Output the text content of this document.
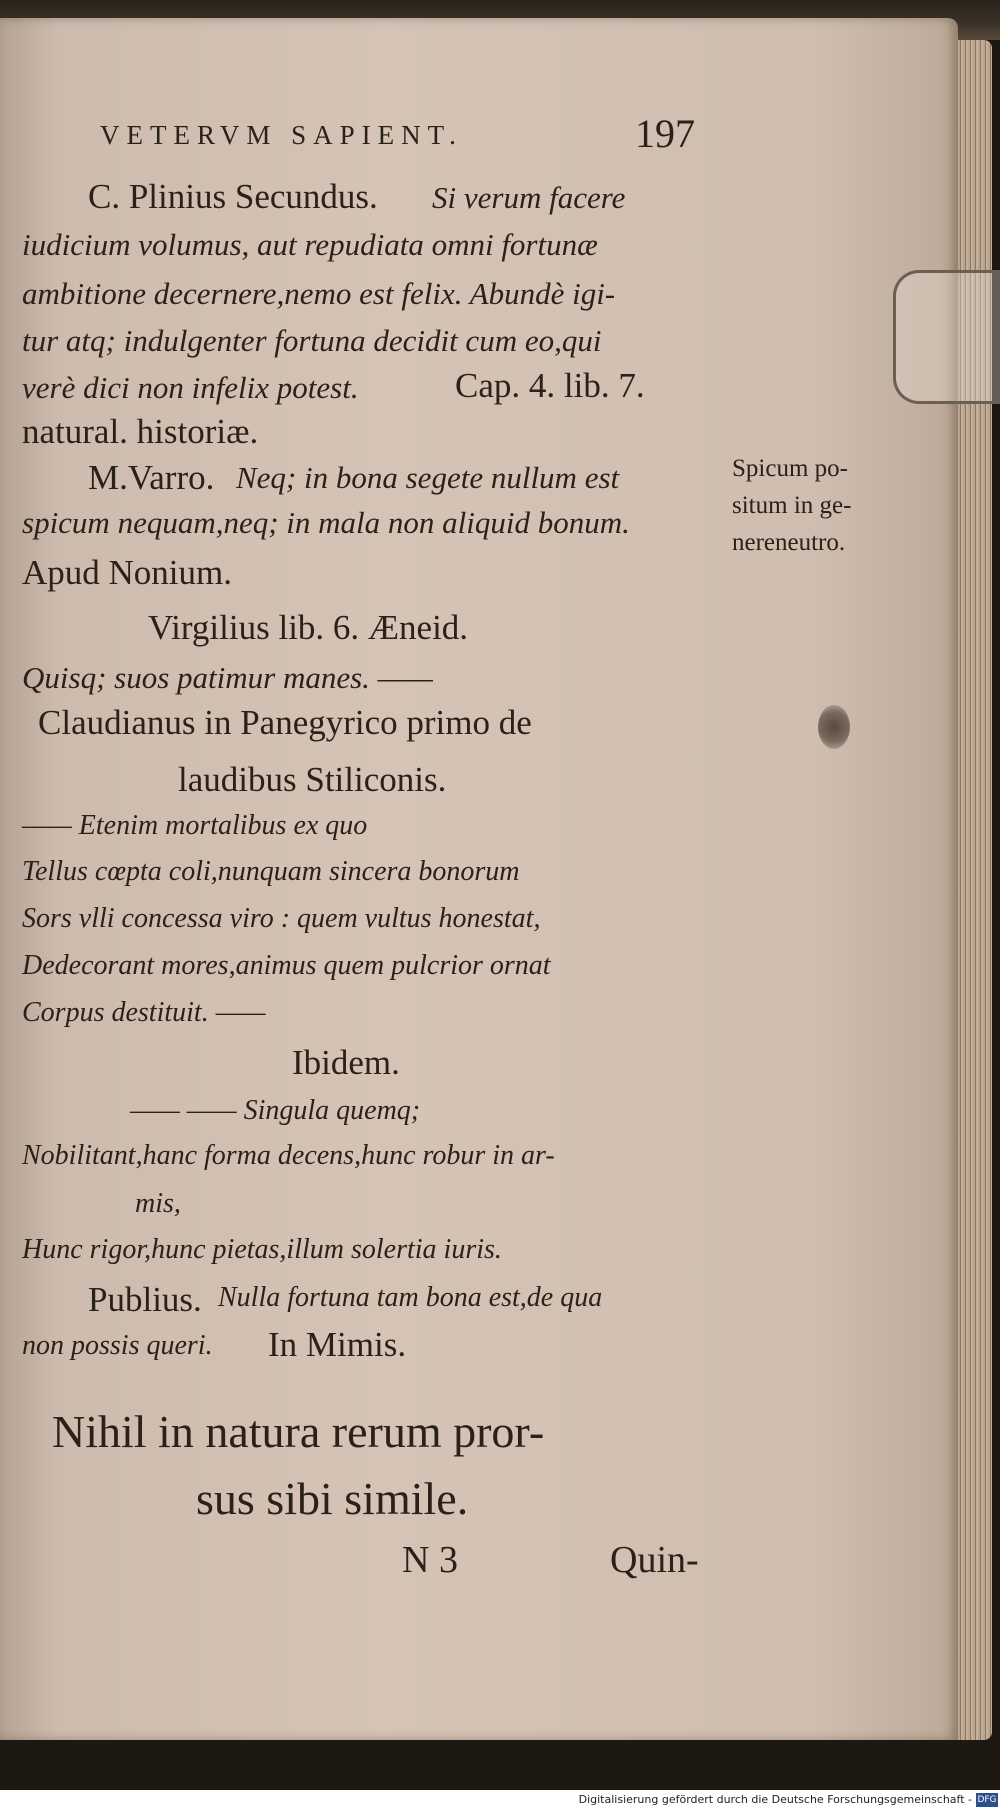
VETERVM SAPIENT.	197
C. Plinius Secundus. Si verum facere
iudicium volumus, aut repudiata omni fortunæ
ambitione decernere,nemo est felix. Abundè igi-
tur atq; indulgenter fortuna decidit cum eo,qui
verè dici non infelix potest.	Cap. 4. lib. 7.
natural. historiæ.
M.Varro. Neq; in bona segete nullum est
spicum nequam,neq; in mala non aliquid bonum.
Apud Nonium.
Spicum po-
situm in ge-
nereneutro.
Virgilius lib. 6. Æneid.
Quisq; suos patimur manes. ——
Claudianus in Panegyrico primo de
laudibus Stiliconis.
—— Etenim mortalibus ex quo
Tellus cœpta coli,nunquam sincera bonorum
Sors vlli concessa viro : quem vultus honestat,
Dedecorant mores,animus quem pulcrior ornat
Corpus destituit. ——
Ibidem.
—— —— Singula quemq;
Nobilitant,hanc forma decens,hunc robur in ar-
mis,
Hunc rigor,hunc pietas,illum solertia iuris.
Publius. Nulla fortuna tam bona est,de qua
non possis queri. In Mimis.
Nihil in natura rerum pror-
sus sibi simile.
N 3	Quin-
Digitalisierung gefördert durch die Deutsche Forschungsgemeinschaft - DFG
